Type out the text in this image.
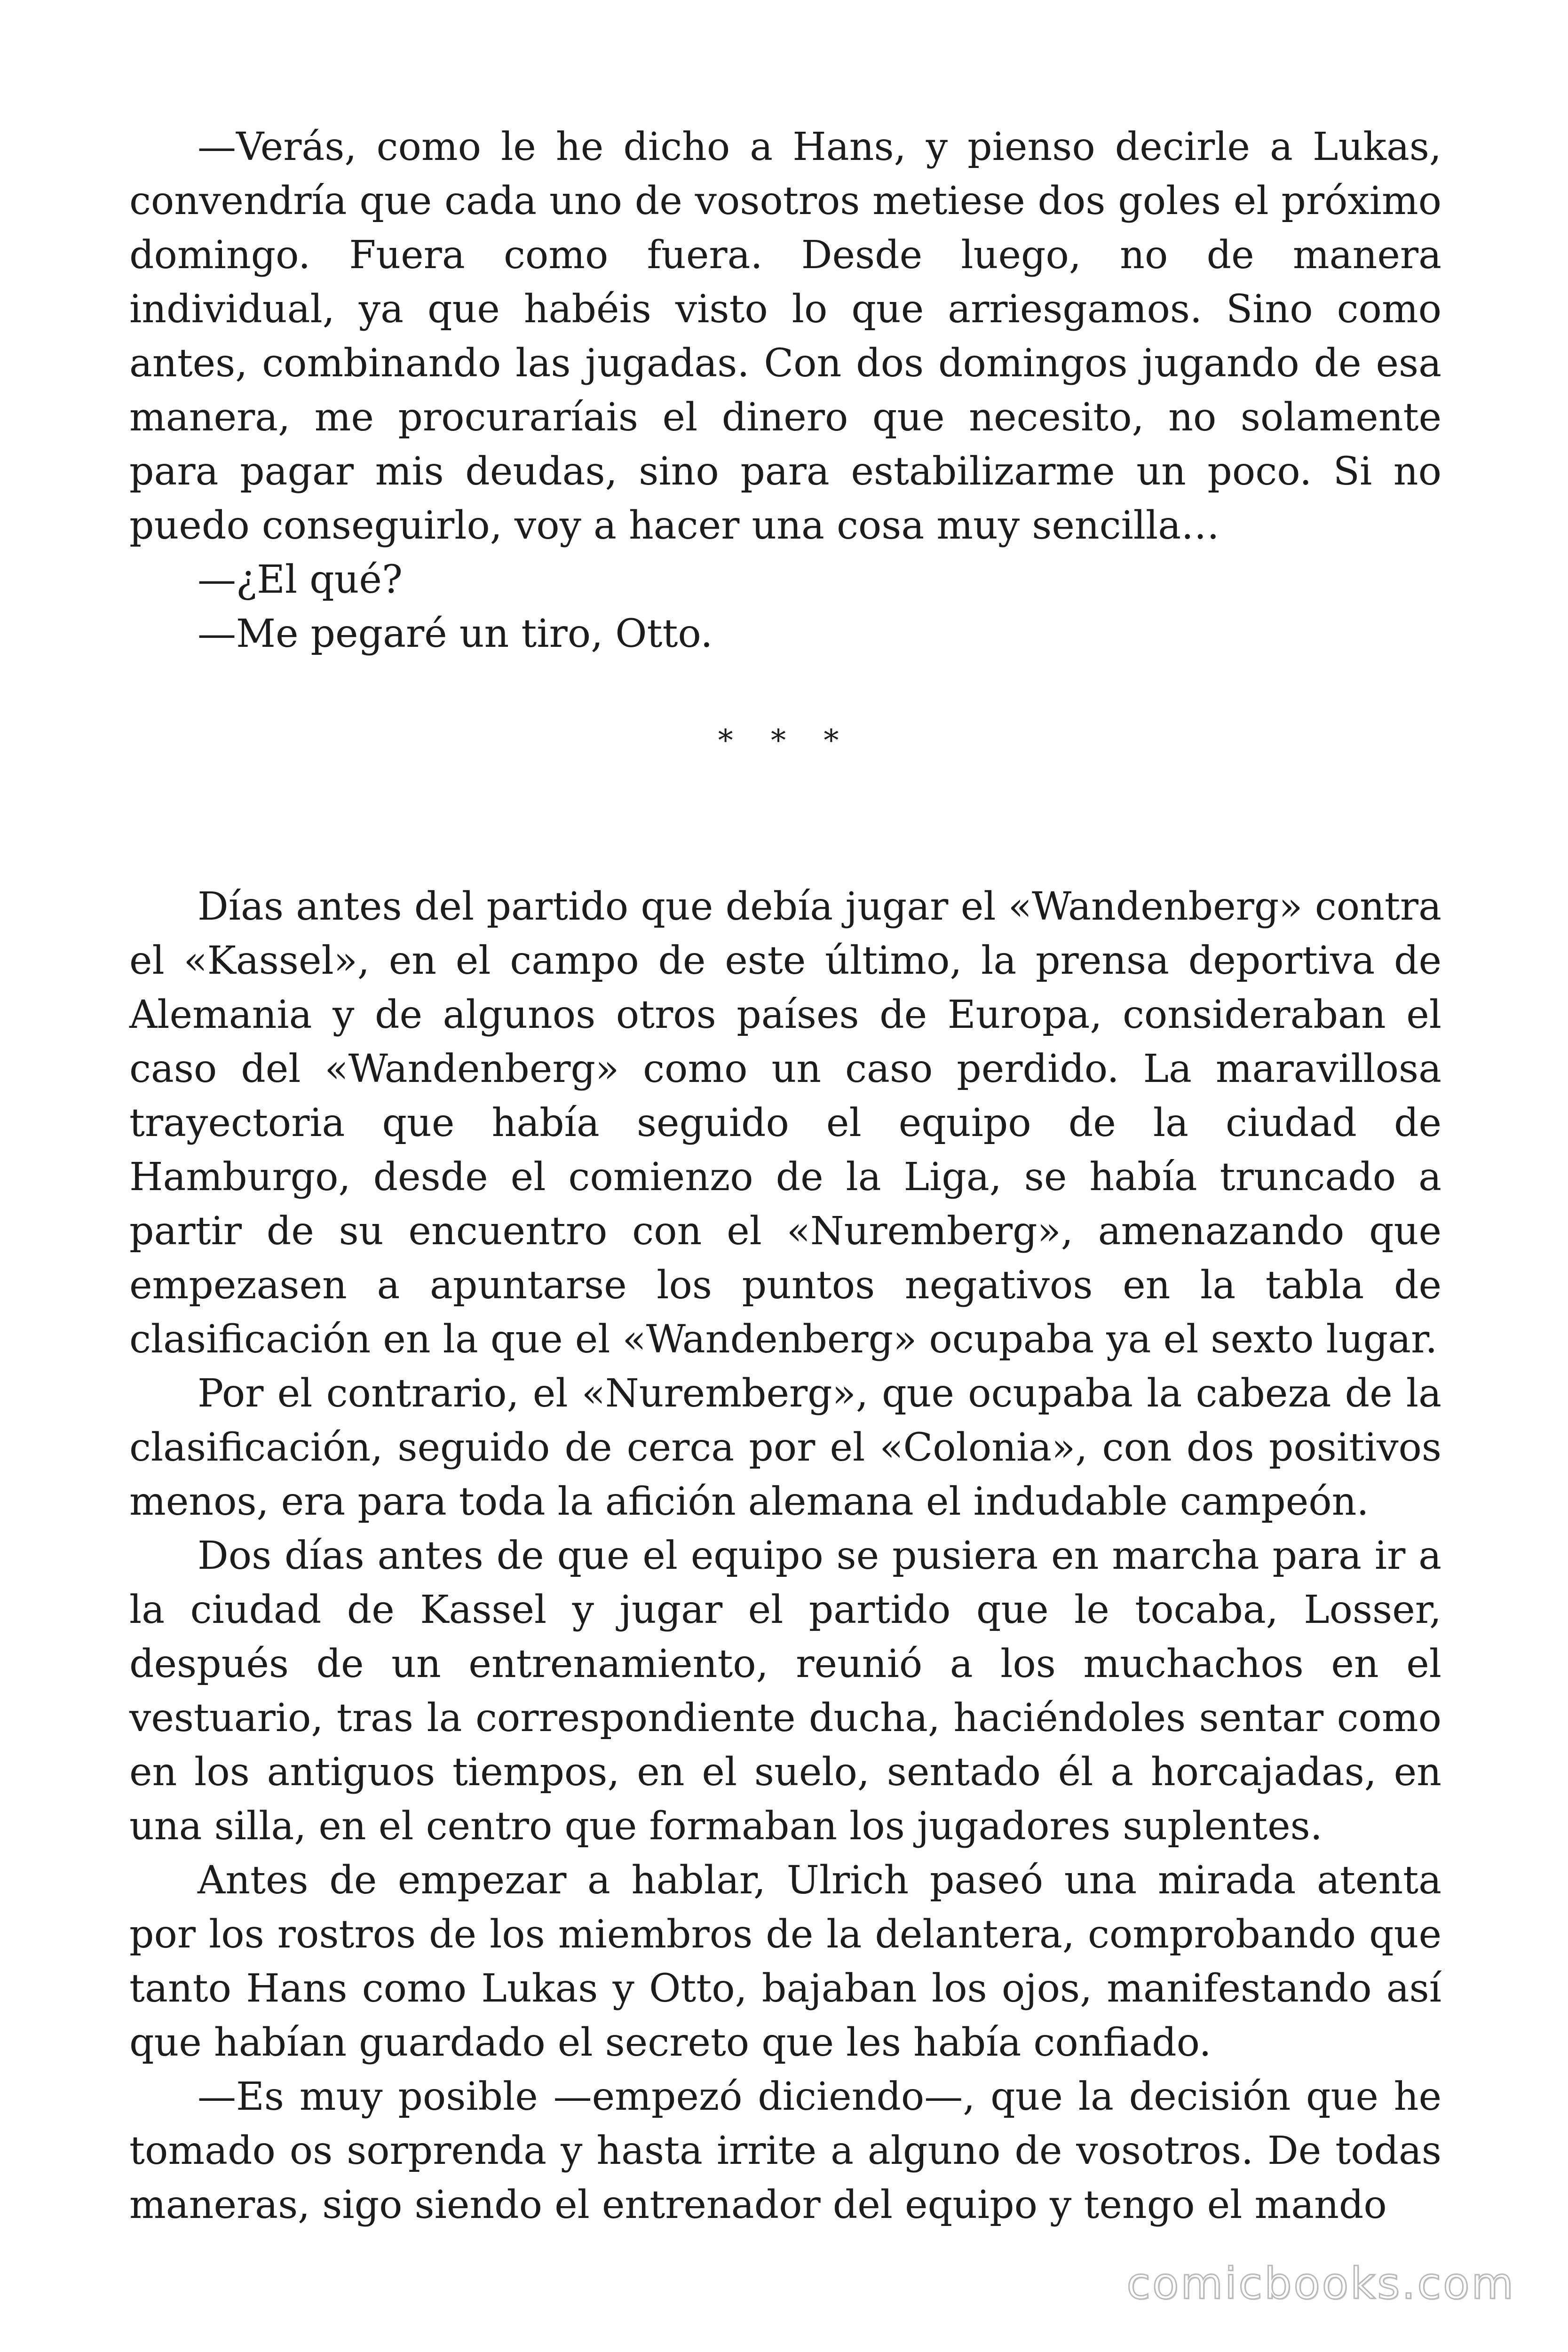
—Verás, como le he dicho a Hans, y pienso decirle a Lukas, convendría que cada uno de vosotros metiese dos goles el próximo domingo. Fuera como fuera. Desde luego, no de manera individual, ya que habéis visto lo que arriesgamos. Sino como antes, combinando las jugadas. Con dos domingos jugando de esa manera, me procuraríais el dinero que necesito, no solamente para pagar mis deudas, sino para estabilizarme un poco. Si no puedo conseguirlo, voy a hacer una cosa muy sencilla…

—¿El qué?

—Me pegaré un tiro, Otto.

* * *

Días antes del partido que debía jugar el «Wandenberg» contra el «Kassel», en el campo de este último, la prensa deportiva de Alemania y de algunos otros países de Europa, consideraban el caso del «Wandenberg» como un caso perdido. La maravillosa trayectoria que había seguido el equipo de la ciudad de Hamburgo, desde el comienzo de la Liga, se había truncado a partir de su encuentro con el «Nuremberg», amenazando que empezasen a apuntarse los puntos negativos en la tabla de clasificación en la que el «Wandenberg» ocupaba ya el sexto lugar.

Por el contrario, el «Nuremberg», que ocupaba la cabeza de la clasificación, seguido de cerca por el «Colonia», con dos positivos menos, era para toda la afición alemana el indudable campeón.

Dos días antes de que el equipo se pusiera en marcha para ir a la ciudad de Kassel y jugar el partido que le tocaba, Losser, después de un entrenamiento, reunió a los muchachos en el vestuario, tras la correspondiente ducha, haciéndoles sentar como en los antiguos tiempos, en el suelo, sentado él a horcajadas, en una silla, en el centro que formaban los jugadores suplentes.

Antes de empezar a hablar, Ulrich paseó una mirada atenta por los rostros de los miembros de la delantera, comprobando que tanto Hans como Lukas y Otto, bajaban los ojos, manifestando así que habían guardado el secreto que les había confiado.

—Es muy posible —empezó diciendo—, que la decisión que he tomado os sorprenda y hasta irrite a alguno de vosotros. De todas maneras, sigo siendo el entrenador del equipo y tengo el mando

comicbooks.com
